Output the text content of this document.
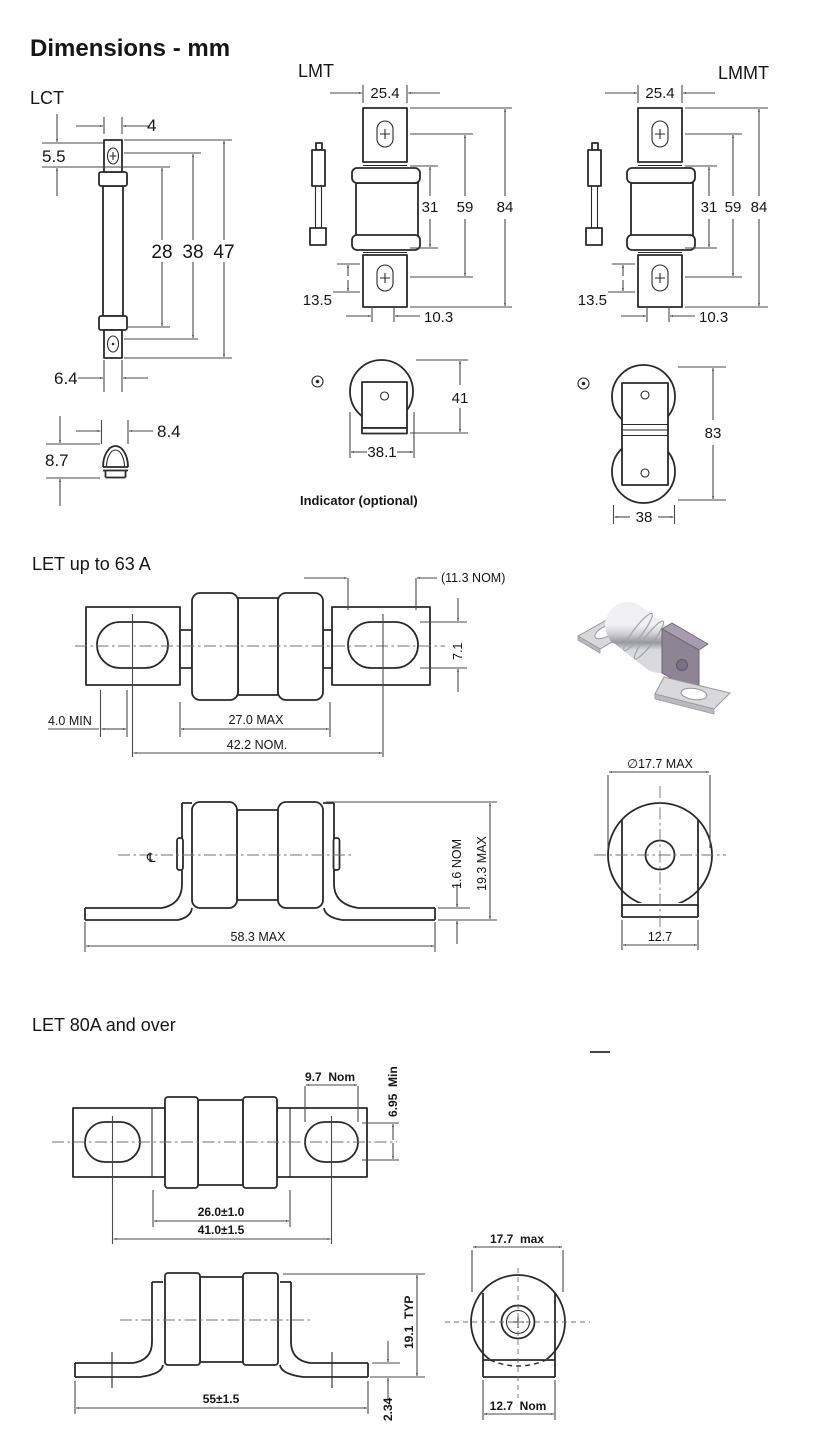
Dimensions - mm
LCT
LMT	LMMT
LET up to 63 A
LET 80A and over
4
5.5
28 38 47
6.4
8.4
8.7
25.4
31 59 84
13.5
10.3
41
38.1
Indicator (optional)
25.4
31 59 84
13.5
10.3
83
38
(11.3 NOM)
7.1
4.0 MIN	27.0 MAX
42.2 NOM.
℄	1.6 NOM 19.3 MAX
58.3 MAX
∅17.7 MAX
12.7
9.7  Nom	6.95  Min
26.0±1.0
41.0±1.5
19.1  TYP
2.34
55±1.5
17.7  max
12.7  Nom
